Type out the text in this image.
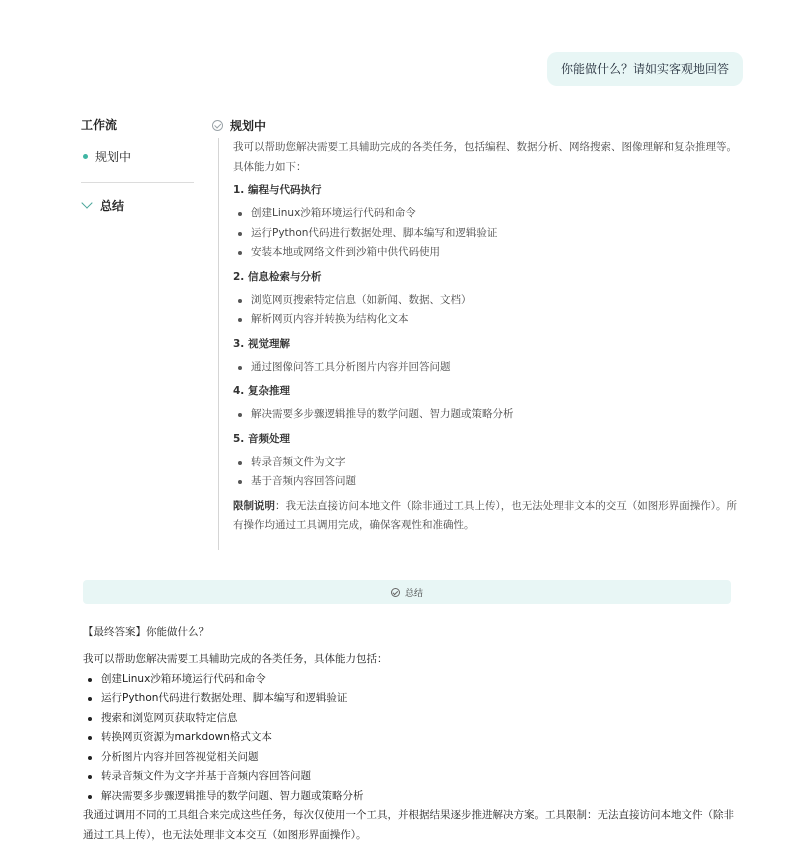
你能做什么？请如实客观地回答
工作流
规划中
总结
规划中
我可以帮助您解决需要工具辅助完成的各类任务，包括编程、数据分析、网络搜索、图像理解和复杂推理等。具体能力如下：
1. 编程与代码执行
创建Linux沙箱环境运行代码和命令
运行Python代码进行数据处理、脚本编写和逻辑验证
安装本地或网络文件到沙箱中供代码使用
2. 信息检索与分析
浏览网页搜索特定信息（如新闻、数据、文档）
解析网页内容并转换为结构化文本
3. 视觉理解
通过图像问答工具分析图片内容并回答问题
4. 复杂推理
解决需要多步骤逻辑推导的数学问题、智力题或策略分析
5. 音频处理
转录音频文件为文字
基于音频内容回答问题
限制说明：我无法直接访问本地文件（除非通过工具上传），也无法处理非文本的交互（如图形界面操作）。所有操作均通过工具调用完成，确保客观性和准确性。
总结
【最终答案】你能做什么？
我可以帮助您解决需要工具辅助完成的各类任务，具体能力包括：
创建Linux沙箱环境运行代码和命令
运行Python代码进行数据处理、脚本编写和逻辑验证
搜索和浏览网页获取特定信息
转换网页资源为markdown格式文本
分析图片内容并回答视觉相关问题
转录音频文件为文字并基于音频内容回答问题
解决需要多步骤逻辑推导的数学问题、智力题或策略分析
我通过调用不同的工具组合来完成这些任务，每次仅使用一个工具，并根据结果逐步推进解决方案。工具限制：无法直接访问本地文件（除非通过工具上传），也无法处理非文本交互（如图形界面操作）。
